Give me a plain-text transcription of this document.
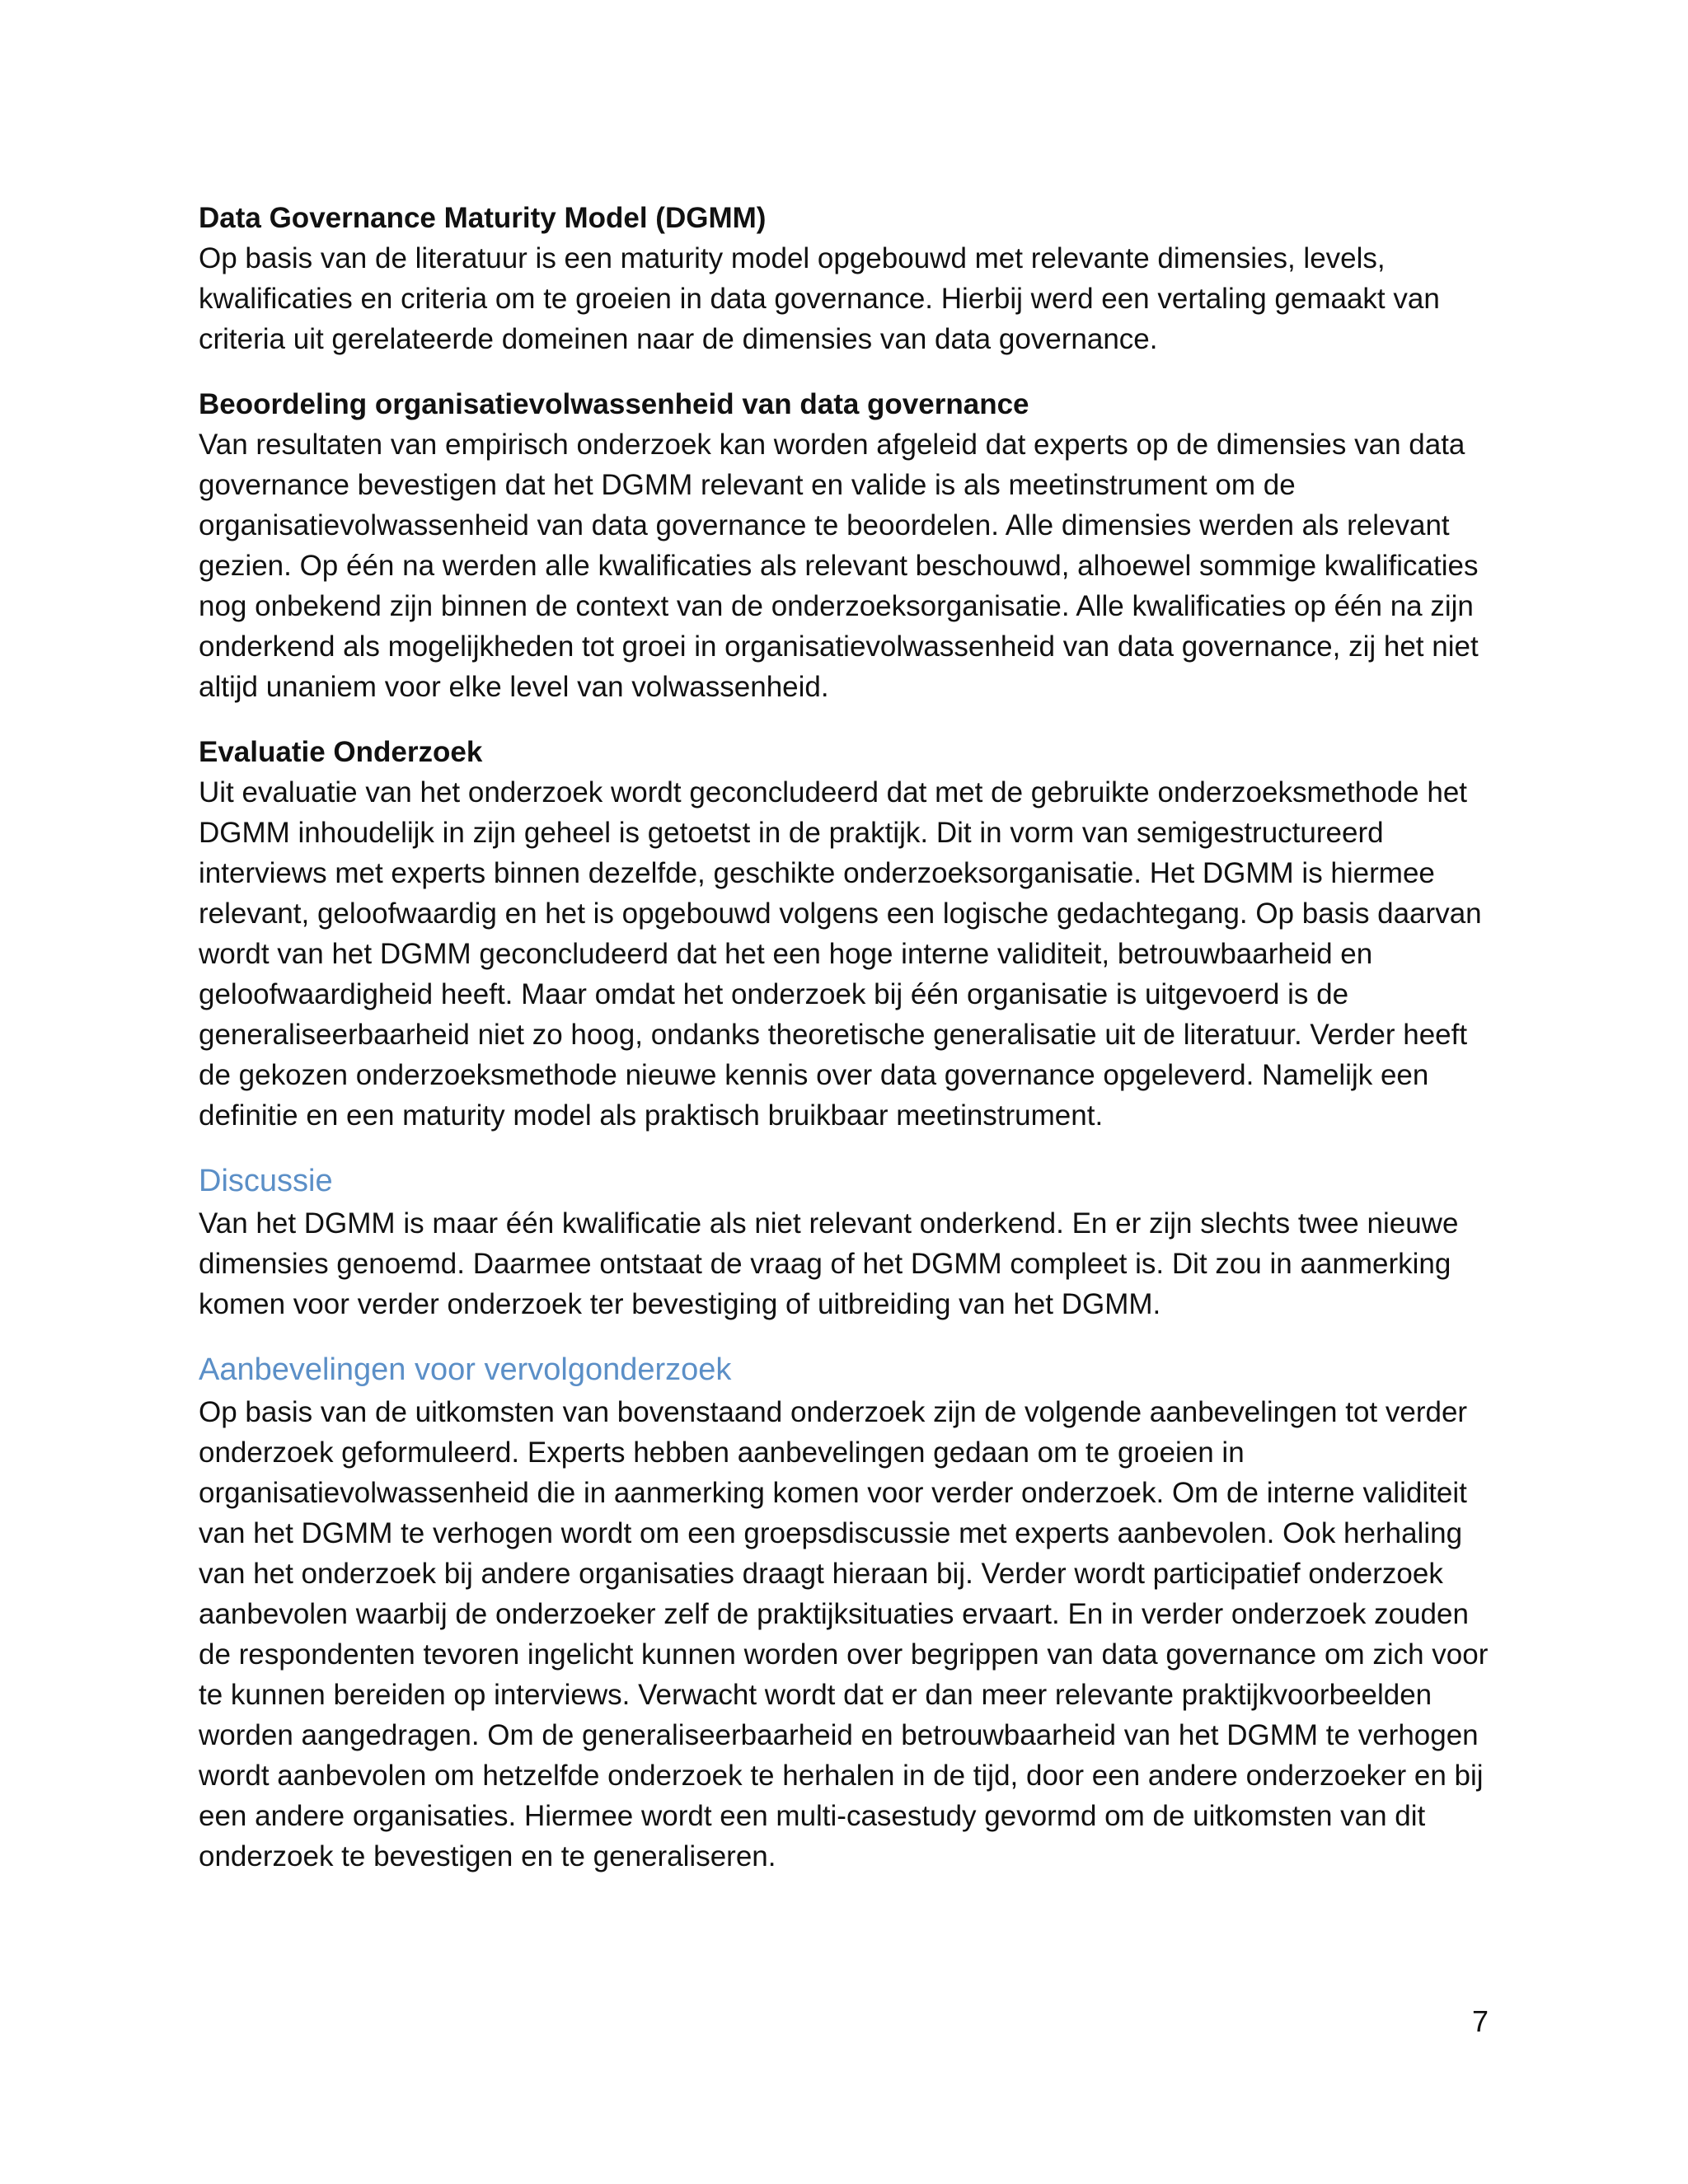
Data Governance Maturity Model (DGMM)

Op basis van de literatuur is een maturity model opgebouwd met relevante dimensies, levels, kwalificaties en criteria om te groeien in data governance. Hierbij werd een vertaling gemaakt van criteria uit gerelateerde domeinen naar de dimensies van data governance.

Beoordeling organisatievolwassenheid van data governance

Van resultaten van empirisch onderzoek kan worden afgeleid dat experts op de dimensies van data governance bevestigen dat het DGMM relevant en valide is als meetinstrument om de organisatievolwassenheid van data governance te beoordelen. Alle dimensies werden als relevant gezien. Op één na werden alle kwalificaties als relevant beschouwd, alhoewel sommige kwalificaties nog onbekend zijn binnen de context van de onderzoeksorganisatie. Alle kwalificaties op één na zijn onderkend als mogelijkheden tot groei in organisatievolwassenheid van data governance, zij het niet altijd unaniem voor elke level van volwassenheid.

Evaluatie Onderzoek

Uit evaluatie van het onderzoek wordt geconcludeerd dat met de gebruikte onderzoeksmethode het DGMM inhoudelijk in zijn geheel is getoetst in de praktijk. Dit in vorm van semigestructureerd interviews met experts binnen dezelfde, geschikte onderzoeksorganisatie. Het DGMM is hiermee relevant, geloofwaardig en het is opgebouwd volgens een logische gedachtegang. Op basis daarvan wordt van het DGMM geconcludeerd dat het een hoge interne validiteit, betrouwbaarheid en geloofwaardigheid heeft. Maar omdat het onderzoek bij één organisatie is uitgevoerd is de generaliseerbaarheid niet zo hoog, ondanks theoretische generalisatie uit de literatuur. Verder heeft de gekozen onderzoeksmethode nieuwe kennis over data governance opgeleverd. Namelijk een definitie en een maturity model als praktisch bruikbaar meetinstrument.

Discussie

Van het DGMM is maar één kwalificatie als niet relevant onderkend. En er zijn slechts twee nieuwe dimensies genoemd. Daarmee ontstaat de vraag of het DGMM compleet is. Dit zou in aanmerking komen voor verder onderzoek ter bevestiging of uitbreiding van het DGMM.

Aanbevelingen voor vervolgonderzoek

Op basis van de uitkomsten van bovenstaand onderzoek zijn de volgende aanbevelingen tot verder onderzoek geformuleerd. Experts hebben aanbevelingen gedaan om te groeien in organisatievolwassenheid die in aanmerking komen voor verder onderzoek. Om de interne validiteit van het DGMM te verhogen wordt om een groepsdiscussie met experts aanbevolen. Ook herhaling van het onderzoek bij andere organisaties draagt hieraan bij. Verder wordt participatief onderzoek aanbevolen waarbij de onderzoeker zelf de praktijksituaties ervaart. En in verder onderzoek zouden de respondenten tevoren ingelicht kunnen worden over begrippen van data governance om zich voor te kunnen bereiden op interviews. Verwacht wordt dat er dan meer relevante praktijkvoorbeelden worden aangedragen. Om de generaliseerbaarheid en betrouwbaarheid van het DGMM te verhogen wordt aanbevolen om hetzelfde onderzoek te herhalen in de tijd, door een andere onderzoeker en bij een andere organisaties. Hiermee wordt een multi-casestudy gevormd om de uitkomsten van dit onderzoek te bevestigen en te generaliseren.

7
